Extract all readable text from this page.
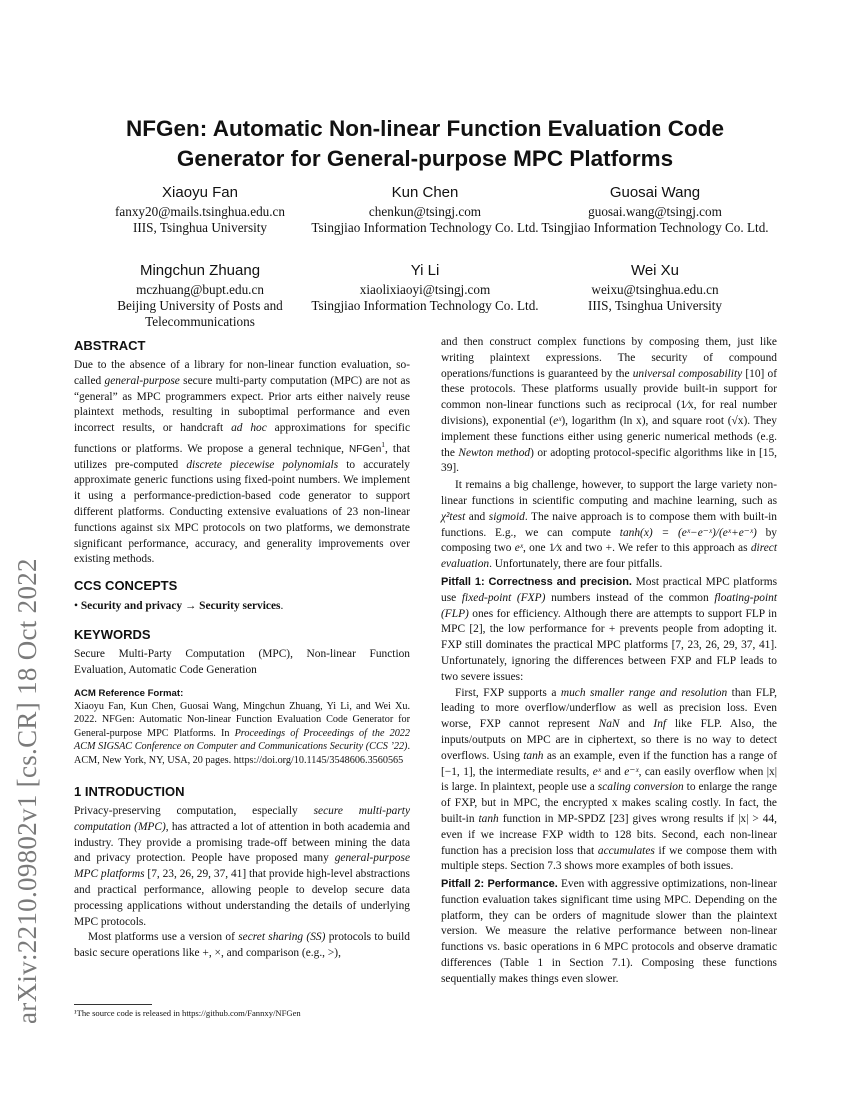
arXiv:2210.09802v1 [cs.CR] 18 Oct 2022
NFGen: Automatic Non-linear Function Evaluation Code Generator for General-purpose MPC Platforms
Xiaoyu Fan
fanxy20@mails.tsinghua.edu.cn
IIIS, Tsinghua University
Kun Chen
chenkun@tsingj.com
Tsingjiao Information Technology Co. Ltd.
Guosai Wang
guosai.wang@tsingj.com
Tsingjiao Information Technology Co. Ltd.
Mingchun Zhuang
mczhuang@bupt.edu.cn
Beijing University of Posts and Telecommunications
Yi Li
xiaolixiaoyi@tsingj.com
Tsingjiao Information Technology Co. Ltd.
Wei Xu
weixu@tsinghua.edu.cn
IIIS, Tsinghua University
ABSTRACT

Due to the absence of a library for non-linear function evaluation, so-called general-purpose secure multi-party computation (MPC) are not as “general” as MPC programmers expect. Prior arts either naively reuse plaintext methods, resulting in suboptimal performance and even incorrect results, or handcraft ad hoc approximations for specific functions or platforms. We propose a general technique, NFGen$^1$, that utilizes pre-computed discrete piecewise polynomials to accurately approximate generic functions using fixed-point numbers. We implement it using a performance-prediction-based code generator to support different platforms. Conducting extensive evaluations of 23 non-linear functions against six MPC protocols on two platforms, we demonstrate significant performance, accuracy, and generality improvements over existing methods.

CCS CONCEPTS

• Security and privacy → Security services.

KEYWORDS

Secure Multi-Party Computation (MPC), Non-linear Function Evaluation, Automatic Code Generation

ACM Reference Format:

Xiaoyu Fan, Kun Chen, Guosai Wang, Mingchun Zhuang, Yi Li, and Wei Xu. 2022. NFGen: Automatic Non-linear Function Evaluation Code Generator for General-purpose MPC Platforms. In Proceedings of Proceedings of the 2022 ACM SIGSAC Conference on Computer and Communications Security (CCS ’22). ACM, New York, NY, USA, 20 pages. https://doi.org/10.1145/3548606.3560565

1 INTRODUCTION

Privacy-preserving computation, especially secure multi-party computation (MPC), has attracted a lot of attention in both academia and industry. They provide a promising trade-off between mining the data and privacy protection. People have proposed many general-purpose MPC platforms [7, 23, 26, 29, 37, 41] that provide high-level abstractions and practical performance, allowing people to develop secure data processing applications without understanding the details of underlying MPC protocols.

Most platforms use a version of secret sharing (SS) protocols to build basic secure operations like +, ×, and comparison (e.g., >),

¹The source code is released in https://github.com/Fannxy/NFGen

and then construct complex functions by composing them, just like writing plaintext expressions. The security of compound operations/functions is guaranteed by the universal composability [10] of these protocols. These platforms usually provide built-in support for common non-linear functions such as reciprocal (1⁄x, for real number divisions), exponential (eˣ), logarithm (ln x), and square root (√x). They implement these functions either using generic numerical methods (e.g. the Newton method) or adopting protocol-specific algorithms like in [15, 39].

It remains a big challenge, however, to support the large variety non-linear functions in scientific computing and machine learning, such as χ²test and sigmoid. The naive approach is to compose them with built-in functions. E.g., we can compute tanh(x) = (eˣ−e⁻ˣ)/(eˣ+e⁻ˣ) by composing two eˣ, one 1⁄x and two +. We refer to this approach as direct evaluation. Unfortunately, there are four pitfalls.

Pitfall 1: Correctness and precision. Most practical MPC platforms use fixed-point (FXP) numbers instead of the common floating-point (FLP) ones for efficiency. Although there are attempts to support FLP in MPC [2], the low performance for + prevents people from adopting it. FXP still dominates the practical MPC platforms [7, 23, 26, 29, 37, 41]. Unfortunately, ignoring the differences between FXP and FLP leads to two severe issues:

First, FXP supports a much smaller range and resolution than FLP, leading to more overflow/underflow as well as precision loss. Even worse, FXP cannot represent NaN and Inf like FLP. Also, the inputs/outputs on MPC are in ciphertext, so there is no way to detect overflows. Using tanh as an example, even if the function has a range of [−1, 1], the intermediate results, eˣ and e⁻ˣ, can easily overflow when |x| is large. In plaintext, people use a scaling conversion to enlarge the range of FXP, but in MPC, the encrypted x makes scaling costly. In fact, the built-in tanh function in MP-SPDZ [23] gives wrong results if |x| > 44, even if we increase FXP width to 128 bits. Second, each non-linear function has a precision loss that accumulates if we compose them with multiple steps. Section 7.3 shows more examples of both issues.

Pitfall 2: Performance. Even with aggressive optimizations, non-linear function evaluation takes significant time using MPC. Depending on the platform, they can be orders of magnitude slower than the plaintext version. We measure the relative performance between non-linear functions vs. basic operations in 6 MPC protocols and observe dramatic differences (Table 1 in Section 7.1). Composing these functions sequentially makes things even slower.
